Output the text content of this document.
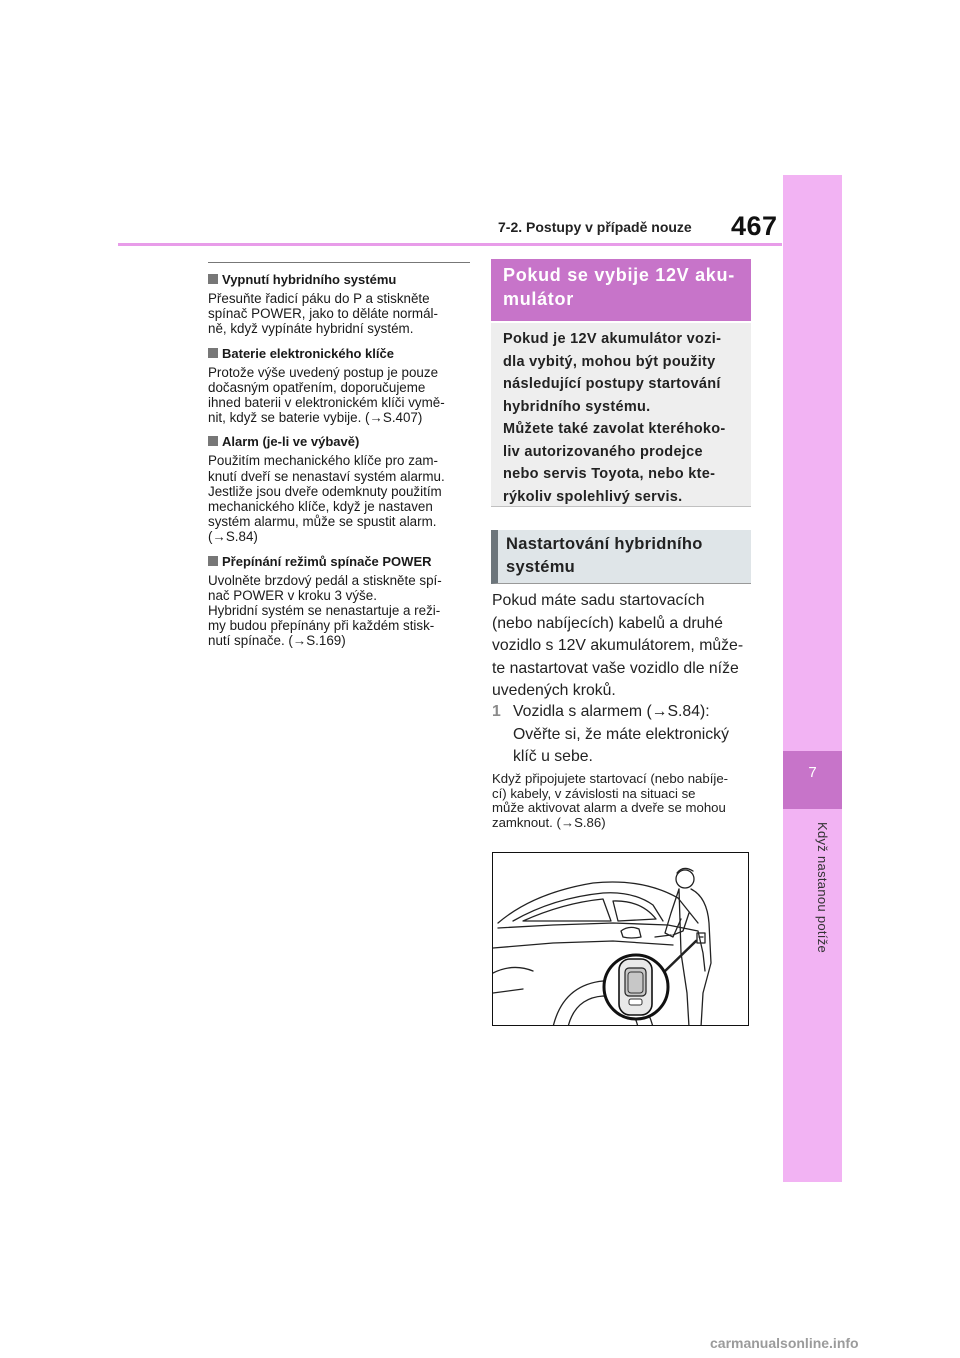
7-2. Postupy v případě nouze 467
7
Když nastanou potíže
Vypnutí hybridního systému
Přesuňte řadicí páku do P a stiskněte
spínač POWER, jako to děláte normál-
ně, když vypínáte hybridní systém.
Baterie elektronického klíče
Protože výše uvedený postup je pouze
dočasným opatřením, doporučujeme
ihned baterii v elektronickém klíči vymě-
nit, když se baterie vybije. (→S.407)
Alarm (je-li ve výbavě)
Použitím mechanického klíče pro zam-
knutí dveří se nenastaví systém alarmu.
Jestliže jsou dveře odemknuty použitím
mechanického klíče, když je nastaven
systém alarmu, může se spustit alarm.
(→S.84)
Přepínání režimů spínače POWER
Uvolněte brzdový pedál a stiskněte spí-
nač POWER v kroku 3 výše.
Hybridní systém se nenastartuje a reži-
my budou přepínány při každém stisk-
nutí spínače. (→S.169)
Pokud se vybije 12V aku-
mulátor
Pokud je 12V akumulátor vozi-
dla vybitý, mohou být použity
následující postupy startování
hybridního systému.
Můžete také zavolat kteréhoko-
liv autorizovaného prodejce
nebo servis Toyota, nebo kte-
rýkoliv spolehlivý servis.
Nastartování hybridního
systému
Pokud máte sadu startovacích
(nebo nabíjecích) kabelů a druhé
vozidlo s 12V akumulátorem, může-
te nastartovat vaše vozidlo dle níže
uvedených kroků.
1 Vozidla s alarmem (→S.84):
Ověřte si, že máte elektronický
klíč u sebe.
Když připojujete startovací (nebo nabíje-
cí) kabely, v závislosti na situaci se
může aktivovat alarm a dveře se mohou
zamknout. (→S.86)
carmanualsonline.info
